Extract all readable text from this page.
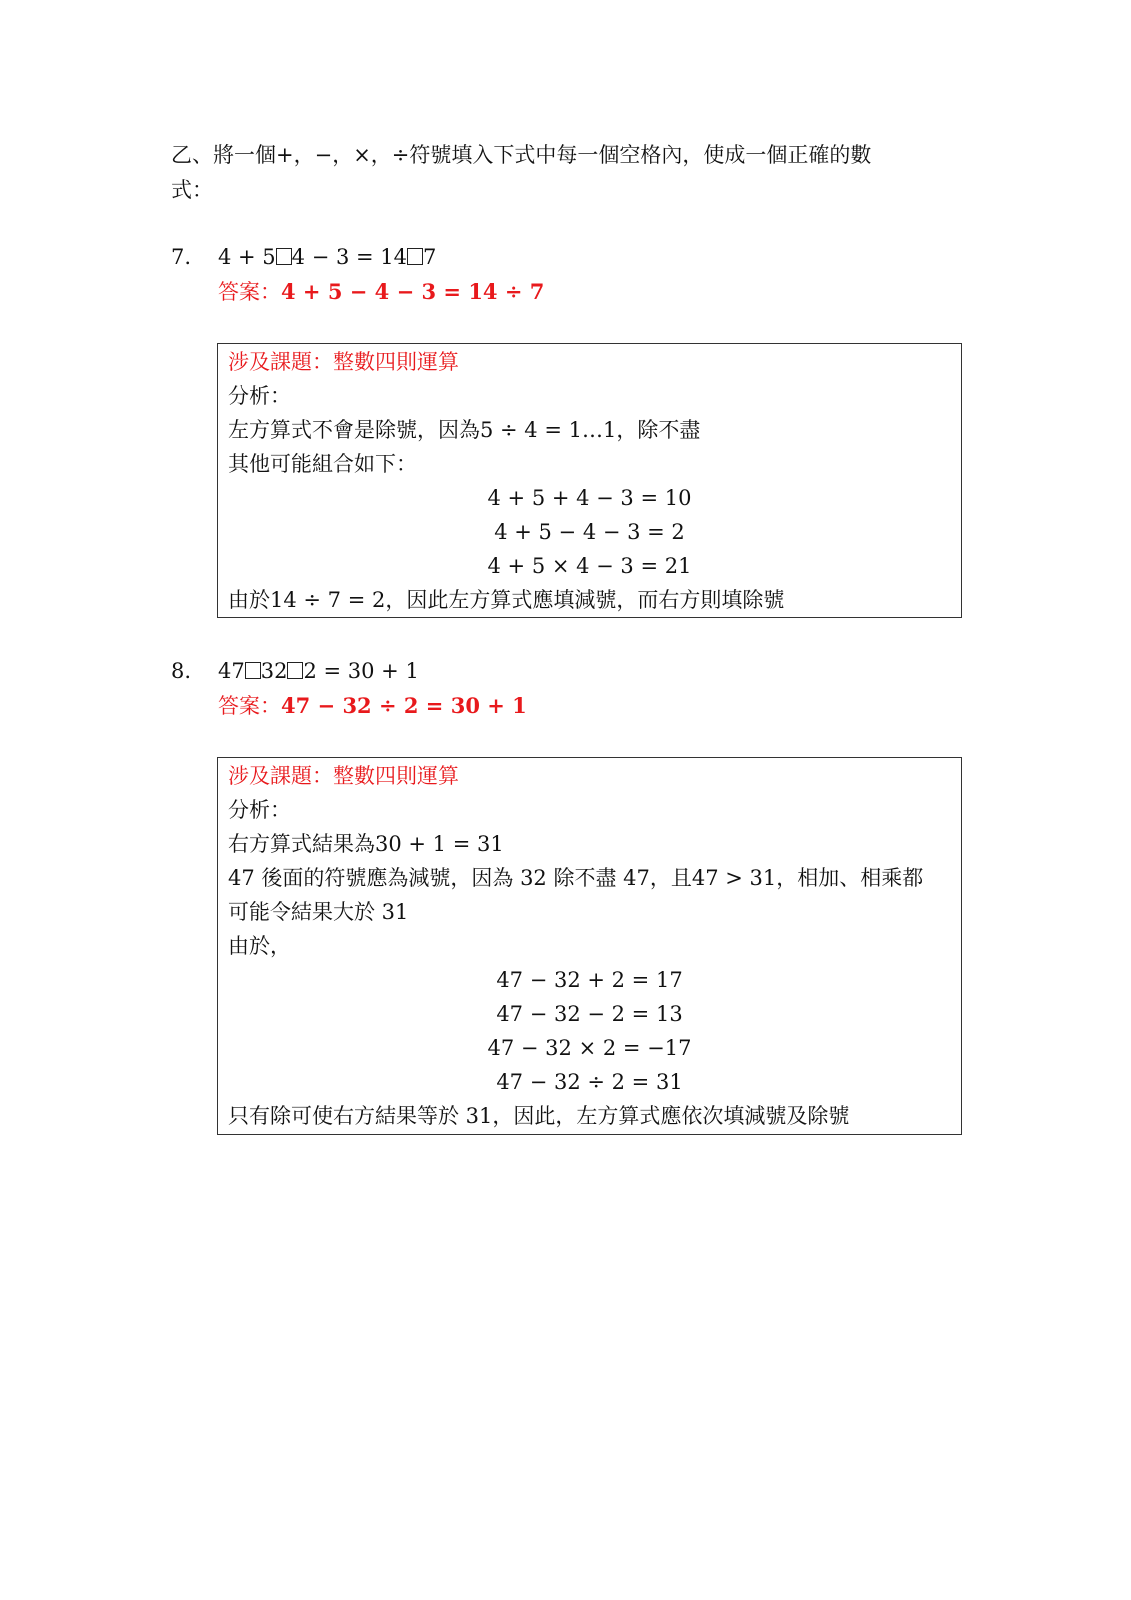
乙、將一個+，−，×，÷符號填入下式中每一個空格內，使成一個正確的數
式：
7. 4 + 5 4 − 3 = 14 7
答案：4 + 5 − 4 − 3 = 14 ÷ 7
涉及課題：整數四則運算
分析：
左方算式不會是除號，因為5 ÷ 4 = 1…1，除不盡
其他可能組合如下：
4 + 5 + 4 − 3 = 10
4 + 5 − 4 − 3 = 2
4 + 5 × 4 − 3 = 21
由於14 ÷ 7 = 2，因此左方算式應填減號，而右方則填除號
8. 47 32 2 = 30 + 1
答案：47 − 32 ÷ 2 = 30 + 1
涉及課題：整數四則運算
分析：
右方算式結果為30 + 1 = 31
47 後面的符號應為減號，因為 32 除不盡 47，且47 > 31，相加、相乘都
可能令結果大於 31
由於，
47 − 32 + 2 = 17
47 − 32 − 2 = 13
47 − 32 × 2 = −17
47 − 32 ÷ 2 = 31
只有除可使右方結果等於 31，因此，左方算式應依次填減號及除號
